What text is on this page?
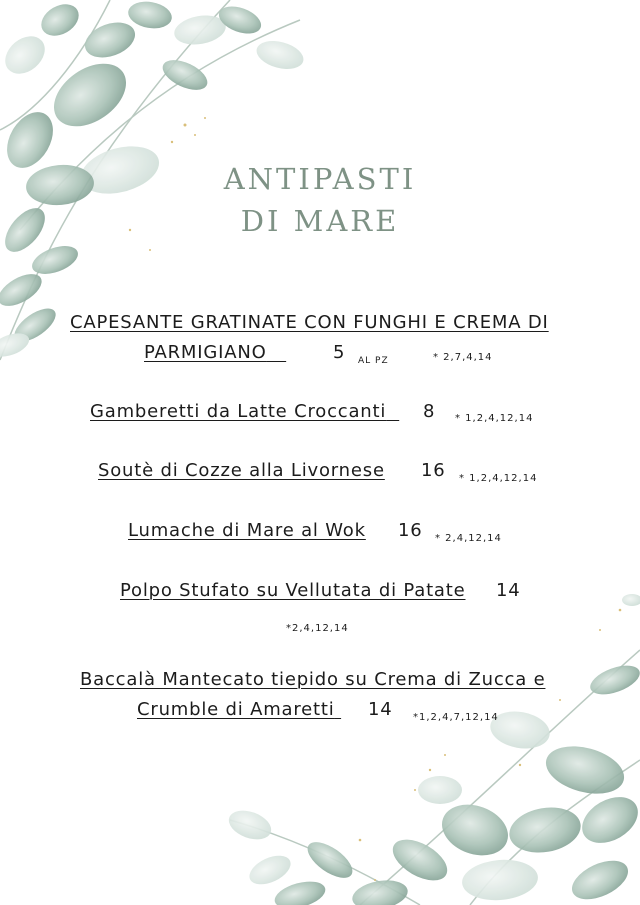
ANTIPASTI
DI MARE
CAPESANTE GRATINATE CON FUNGHI E CREMA DI
PARMIGIANO	5 $_{AL PZ}$	* 2,7,4,14
Gamberetti da Latte Croccanti	8 * 1,2,4,12,14
Soutè di Cozze alla Livornese 16 * 1,2,4,12,14
Lumache di Mare al Wok 16 * 2,4,12,14
Polpo Stufato su Vellutata di Patate 14
*2,4,12,14
Baccalà Mantecato tiepido su Crema di Zucca e
Crumble di Amaretti	14 *1,2,4,7,12,14
